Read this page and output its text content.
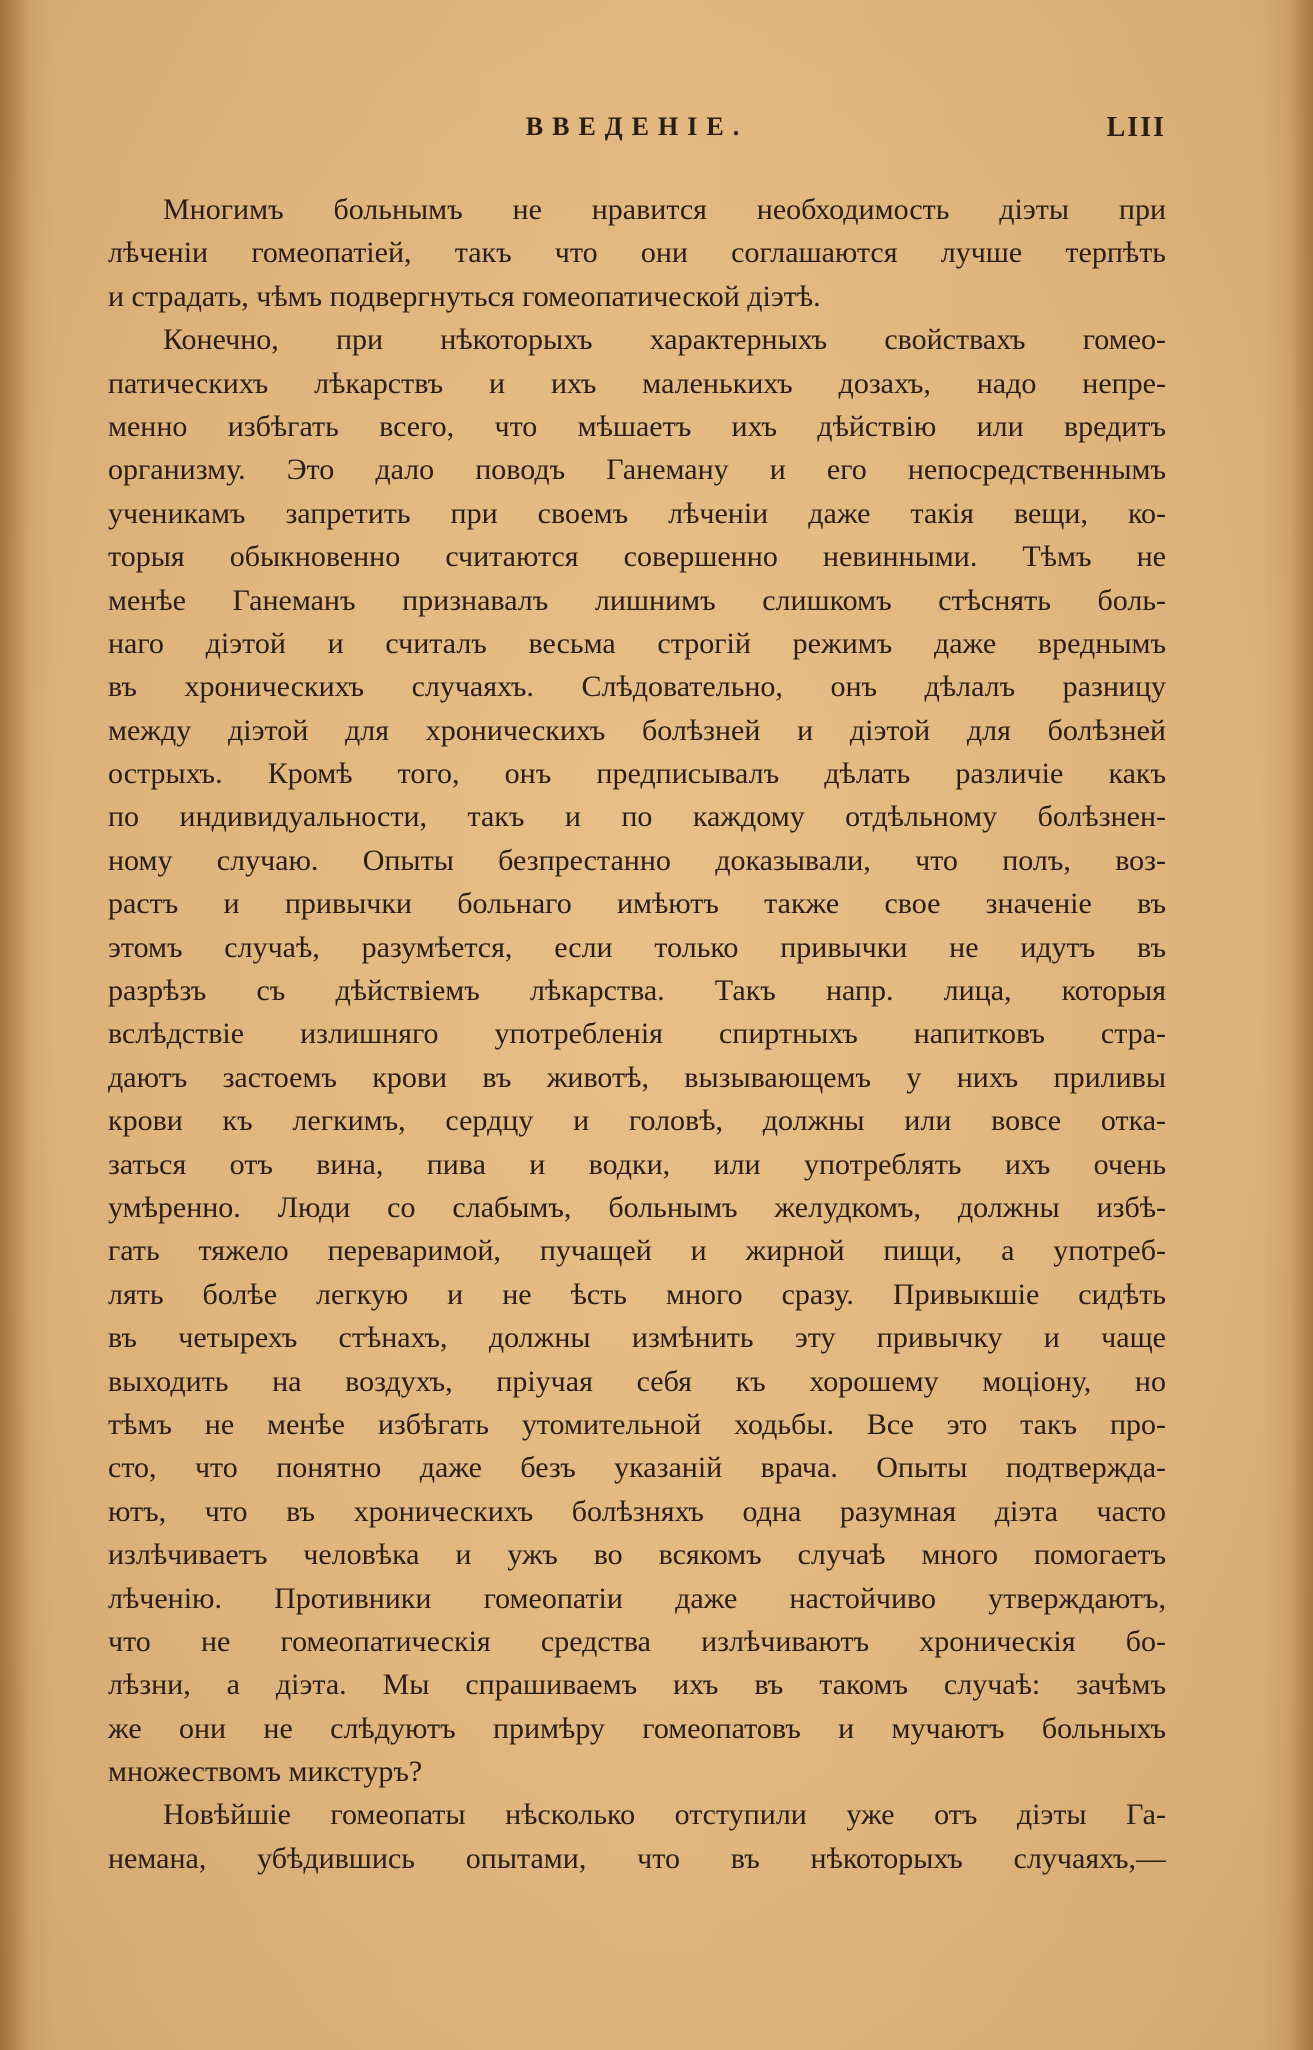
ВВЕДЕНІЕ.	LIII
Многимъ больнымъ не нравится необходимость діэты при
лѣченіи гомеопатіей, такъ что они соглашаются лучше терпѣть
и страдать, чѣмъ подвергнуться гомеопатической діэтѣ.
Конечно, при нѣкоторыхъ характерныхъ свойствахъ гомео-
патическихъ лѣкарствъ и ихъ маленькихъ дозахъ, надо непре-
менно избѣгать всего, что мѣшаетъ ихъ дѣйствію или вредитъ
организму. Это дало поводъ Ганеману и его непосредственнымъ
ученикамъ запретить при своемъ лѣченіи даже такія вещи, ко-
торыя обыкновенно считаются совершенно невинными. Тѣмъ не
менѣе Ганеманъ признавалъ лишнимъ слишкомъ стѣснять боль-
наго діэтой и считалъ весьма строгій режимъ даже вреднымъ
въ хроническихъ случаяхъ. Слѣдовательно, онъ дѣлалъ разницу
между діэтой для хроническихъ болѣзней и діэтой для болѣзней
острыхъ. Кромѣ того, онъ предписывалъ дѣлать различіе какъ
по индивидуальности, такъ и по каждому отдѣльному болѣзнен-
ному случаю. Опыты безпрестанно доказывали, что полъ, воз-
растъ и привычки больнаго имѣютъ также свое значеніе въ
этомъ случаѣ, разумѣется, если только привычки не идутъ въ
разрѣзъ съ дѣйствіемъ лѣкарства. Такъ напр. лица, которыя
вслѣдствіе излишняго употребленія спиртныхъ напитковъ стра-
даютъ застоемъ крови въ животѣ, вызывающемъ у нихъ приливы
крови къ легкимъ, сердцу и головѣ, должны или вовсе отка-
заться отъ вина, пива и водки, или употреблять ихъ очень
умѣренно. Люди со слабымъ, больнымъ желудкомъ, должны избѣ-
гать тяжело переваримой, пучащей и жирной пищи, а употреб-
лять болѣе легкую и не ѣсть много сразу. Привыкшіе сидѣть
въ четырехъ стѣнахъ, должны измѣнить эту привычку и чаще
выходить на воздухъ, пріучая себя къ хорошему моціону, но
тѣмъ не менѣе избѣгать утомительной ходьбы. Все это такъ про-
сто, что понятно даже безъ указаній врача. Опыты подтвержда-
ютъ, что въ хроническихъ болѣзняхъ одна разумная діэта часто
излѣчиваетъ человѣка и ужъ во всякомъ случаѣ много помогаетъ
лѣченію. Противники гомеопатіи даже настойчиво утверждаютъ,
что не гомеопатическія средства излѣчиваютъ хроническія бо-
лѣзни, а діэта. Мы спрашиваемъ ихъ въ такомъ случаѣ: зачѣмъ
же они не слѣдуютъ примѣру гомеопатовъ и мучаютъ больныхъ
множествомъ микстуръ?
Новѣйшіе гомеопаты нѣсколько отступили уже отъ діэты Га-
немана, убѣдившись опытами, что въ нѣкоторыхъ случаяхъ,—
